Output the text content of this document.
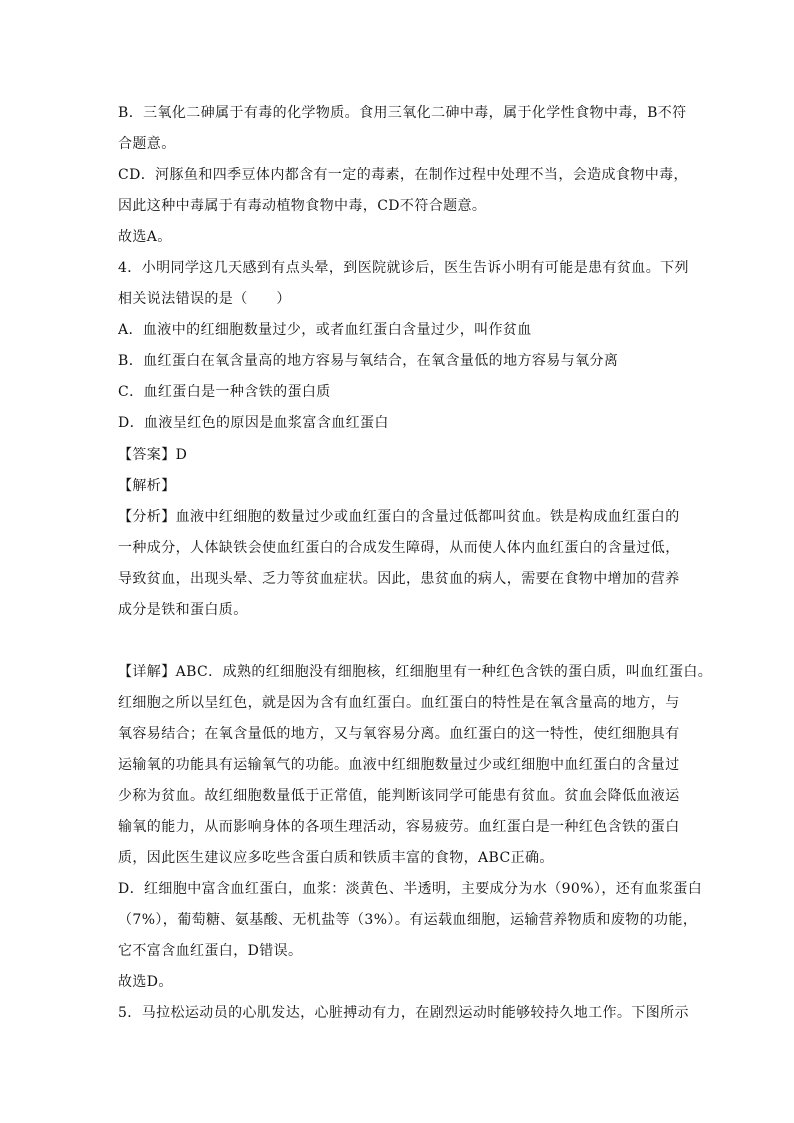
B．三氧化二砷属于有毒的化学物质。食用三氧化二砷中毒，属于化学性食物中毒，B不符
合题意。
CD．河豚鱼和四季豆体内都含有一定的毒素，在制作过程中处理不当，会造成食物中毒，
因此这种中毒属于有毒动植物食物中毒，CD不符合题意。
故选A。
4．小明同学这几天感到有点头晕，到医院就诊后，医生告诉小明有可能是患有贫血。下列
相关说法错误的是（　　）
A．血液中的红细胞数量过少，或者血红蛋白含量过少，叫作贫血
B．血红蛋白在氧含量高的地方容易与氧结合，在氧含量低的地方容易与氧分离
C．血红蛋白是一种含铁的蛋白质
D．血液呈红色的原因是血浆富含血红蛋白
【答案】D
【解析】
【分析】血液中红细胞的数量过少或血红蛋白的含量过低都叫贫血。铁是构成血红蛋白的
一种成分，人体缺铁会使血红蛋白的合成发生障碍，从而使人体内血红蛋白的含量过低，
导致贫血，出现头晕、乏力等贫血症状。因此，患贫血的病人，需要在食物中增加的营养
成分是铁和蛋白质。
【详解】ABC．成熟的红细胞没有细胞核，红细胞里有一种红色含铁的蛋白质，叫血红蛋白。
红细胞之所以呈红色，就是因为含有血红蛋白。血红蛋白的特性是在氧含量高的地方，与
氧容易结合；在氧含量低的地方，又与氧容易分离。血红蛋白的这一特性，使红细胞具有
运输氧的功能具有运输氧气的功能。血液中红细胞数量过少或红细胞中血红蛋白的含量过
少称为贫血。故红细胞数量低于正常值，能判断该同学可能患有贫血。贫血会降低血液运
输氧的能力，从而影响身体的各项生理活动，容易疲劳。血红蛋白是一种红色含铁的蛋白
质，因此医生建议应多吃些含蛋白质和铁质丰富的食物，ABC正确。
D．红细胞中富含血红蛋白，血浆：淡黄色、半透明，主要成分为水（90%），还有血浆蛋白
（7%），葡萄糖、氨基酸、无机盐等（3%）。有运载血细胞，运输营养物质和废物的功能，
它不富含血红蛋白，D错误。
故选D。
5．马拉松运动员的心肌发达，心脏搏动有力，在剧烈运动时能够较持久地工作。下图所示
